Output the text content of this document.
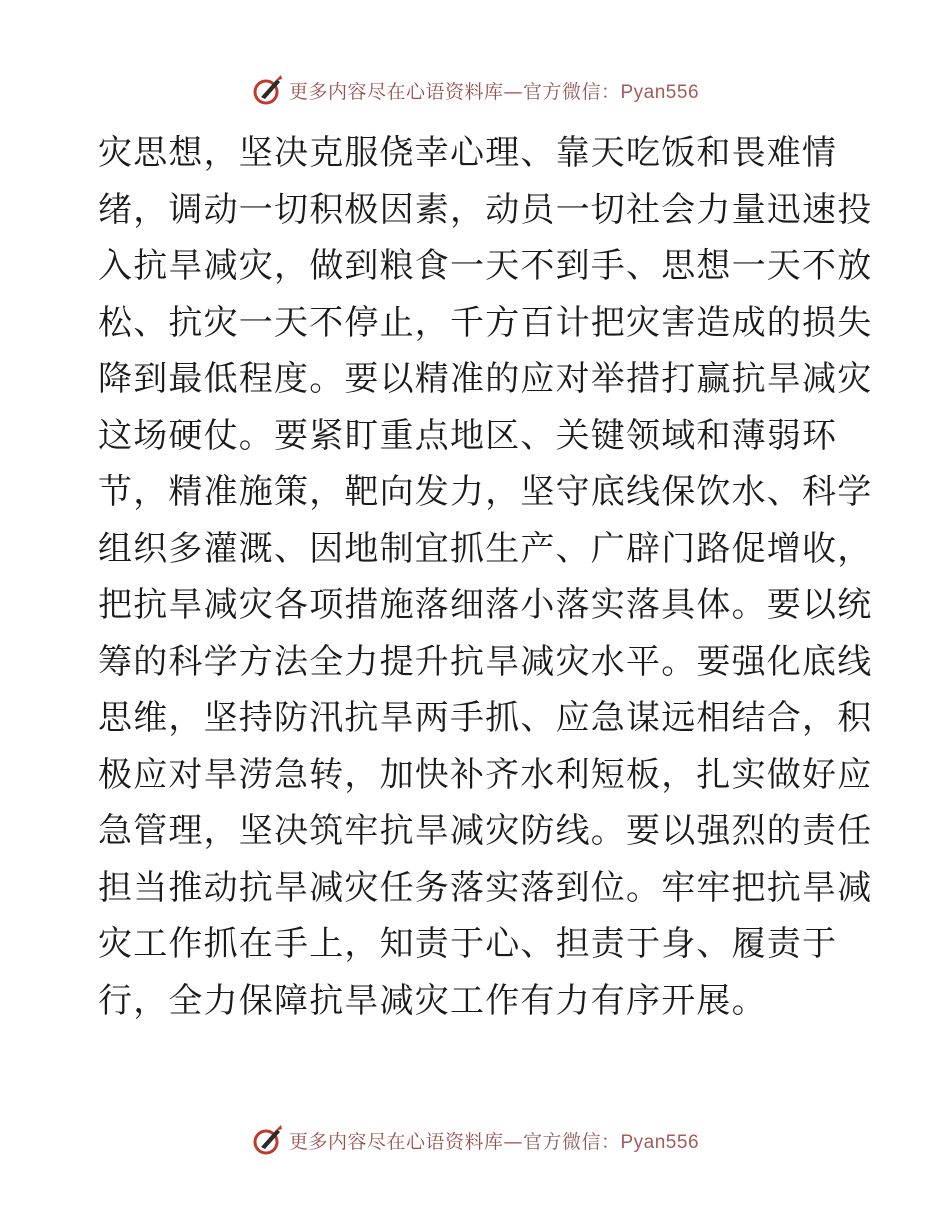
更多内容尽在心语资料库—官方微信：Pyan556
灾思想，坚决克服侥幸心理、靠天吃饭和畏难情
绪，调动一切积极因素，动员一切社会力量迅速投
入抗旱减灾，做到粮食一天不到手、思想一天不放
松、抗灾一天不停止，千方百计把灾害造成的损失
降到最低程度。要以精准的应对举措打赢抗旱减灾
这场硬仗。要紧盯重点地区、关键领域和薄弱环
节，精准施策，靶向发力，坚守底线保饮水、科学
组织多灌溉、因地制宜抓生产、广辟门路促增收，
把抗旱减灾各项措施落细落小落实落具体。要以统
筹的科学方法全力提升抗旱减灾水平。要强化底线
思维，坚持防汛抗旱两手抓、应急谋远相结合，积
极应对旱涝急转，加快补齐水利短板，扎实做好应
急管理，坚决筑牢抗旱减灾防线。要以强烈的责任
担当推动抗旱减灾任务落实落到位。牢牢把抗旱减
灾工作抓在手上，知责于心、担责于身、履责于
行，全力保障抗旱减灾工作有力有序开展。
更多内容尽在心语资料库—官方微信：Pyan556
